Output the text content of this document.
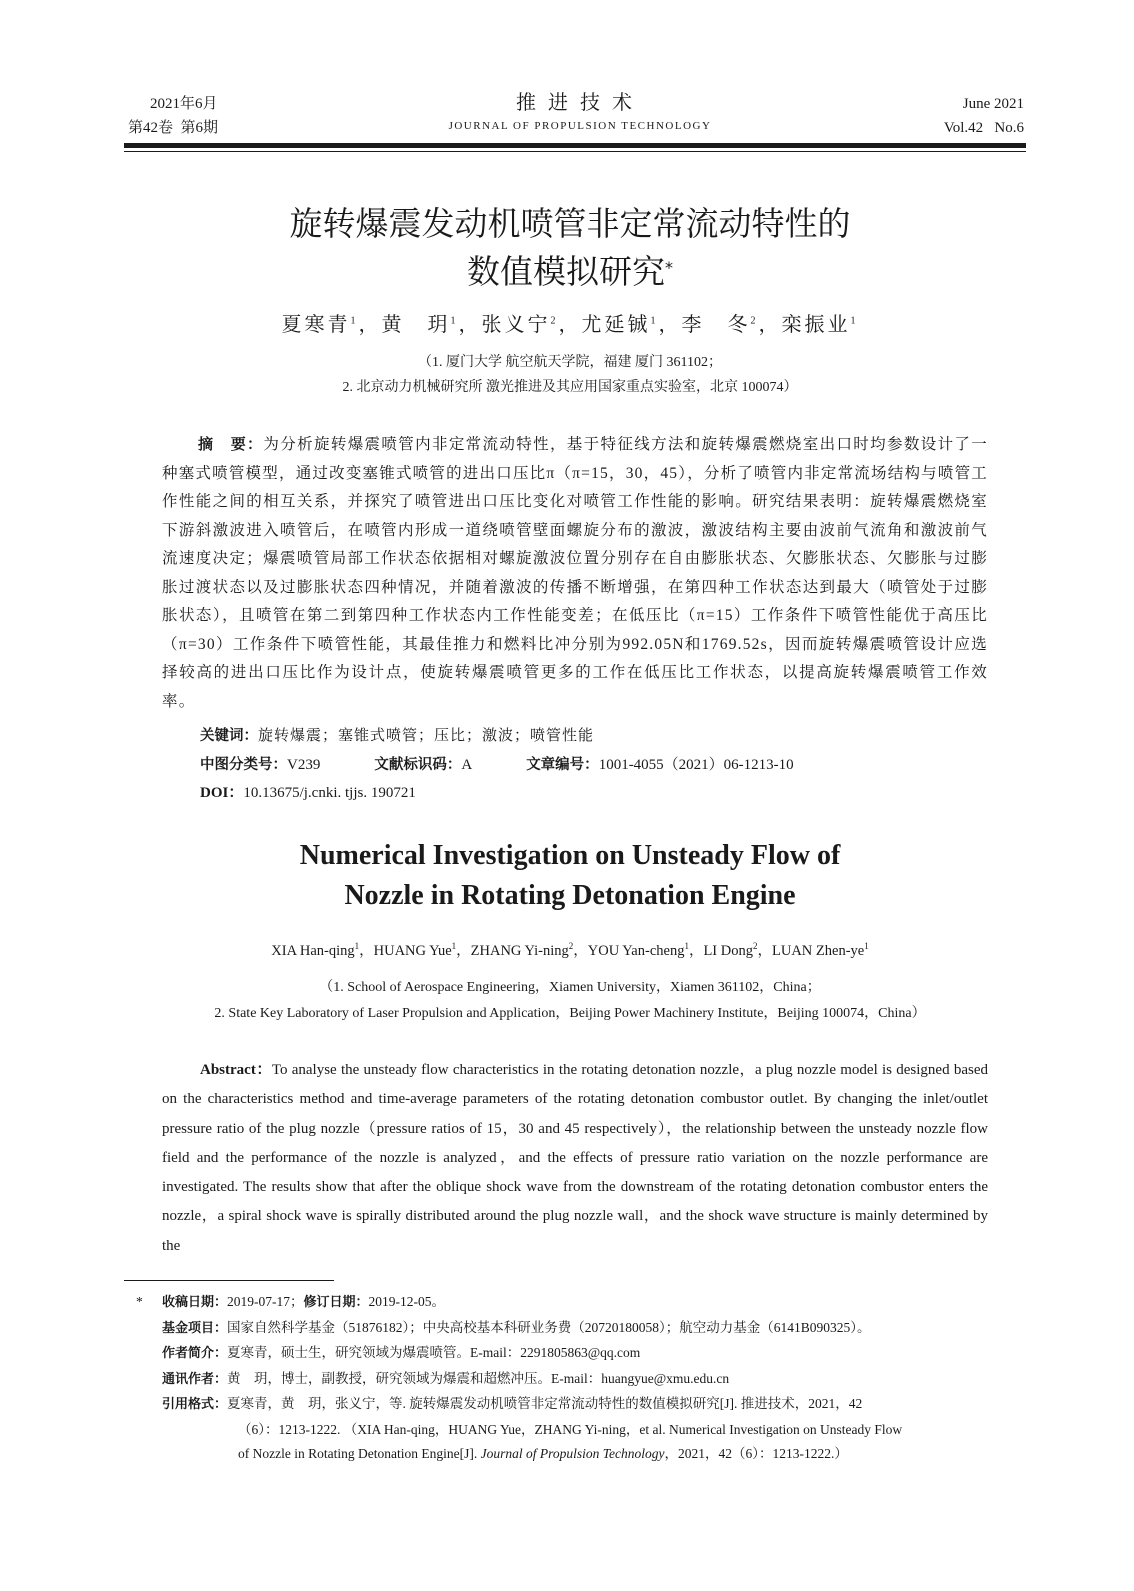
2021年6月
第42卷  第6期
推进技术
JOURNAL OF PROPULSION TECHNOLOGY
June 2021
Vol.42   No.6
旋转爆震发动机喷管非定常流动特性的
数值模拟研究*
夏寒青$^1$，黄　玥$^1$，张义宁$^2$，尤延铖$^1$，李　冬$^2$，栾振业$^1$
（1. 厦门大学 航空航天学院，福建 厦门 361102；
2. 北京动力机械研究所 激光推进及其应用国家重点实验室，北京 100074）
摘　要：为分析旋转爆震喷管内非定常流动特性，基于特征线方法和旋转爆震燃烧室出口时均参数设计了一种塞式喷管模型，通过改变塞锥式喷管的进出口压比π（π=15，30，45），分析了喷管内非定常流场结构与喷管工作性能之间的相互关系，并探究了喷管进出口压比变化对喷管工作性能的影响。研究结果表明：旋转爆震燃烧室下游斜激波进入喷管后，在喷管内形成一道绕喷管壁面螺旋分布的激波，激波结构主要由波前气流角和激波前气流速度决定；爆震喷管局部工作状态依据相对螺旋激波位置分别存在自由膨胀状态、欠膨胀状态、欠膨胀与过膨胀过渡状态以及过膨胀状态四种情况，并随着激波的传播不断增强，在第四种工作状态达到最大（喷管处于过膨胀状态），且喷管在第二到第四种工作状态内工作性能变差；在低压比（π=15）工作条件下喷管性能优于高压比（π=30）工作条件下喷管性能，其最佳推力和燃料比冲分别为992.05N和1769.52s，因而旋转爆震喷管设计应选择较高的进出口压比作为设计点，使旋转爆震喷管更多的工作在低压比工作状态，以提高旋转爆震喷管工作效率。
关键词：旋转爆震；塞锥式喷管；压比；激波；喷管性能
中图分类号：V239	文献标识码：A	文章编号：1001-4055（2021）06-1213-10
DOI：10.13675/j.cnki. tjjs. 190721
Numerical Investigation on Unsteady Flow of
Nozzle in Rotating Detonation Engine
XIA Han-qing$^1$，HUANG Yue$^1$，ZHANG Yi-ning$^2$，YOU Yan-cheng$^1$，LI Dong$^2$，LUAN Zhen-$ye^1$
（1. School of Aerospace Engineering，Xiamen University，Xiamen 361102，China；
2. State Key Laboratory of Laser Propulsion and Application，Beijing Power Machinery Institute，Beijing 100074，China）
Abstract：To analyse the unsteady flow characteristics in the rotating detonation nozzle，a plug nozzle model is designed based on the characteristics method and time-average parameters of the rotating detonation combustor outlet. By changing the inlet/outlet pressure ratio of the plug nozzle（pressure ratios of 15，30 and 45 respectively），the relationship between the unsteady nozzle flow field and the performance of the nozzle is analyzed，and the effects of pressure ratio variation on the nozzle performance are investigated. The results show that after the oblique shock wave from the downstream of the rotating detonation combustor enters the nozzle，a spiral shock wave is spirally distributed around the plug nozzle wall，and the shock wave structure is mainly determined by the
* 收稿日期：2019-07-17；修订日期：2019-12-05。
基金项目：国家自然科学基金（51876182）；中央高校基本科研业务费（20720180058）；航空动力基金（6141B090325）。
作者简介：夏寒青，硕士生，研究领域为爆震喷管。E-mail：2291805863@qq.com
通讯作者：黄　玥，博士，副教授，研究领域为爆震和超燃冲压。E-mail：huangyue@xmu.edu.cn
引用格式：夏寒青，黄　玥，张义宁，等. 旋转爆震发动机喷管非定常流动特性的数值模拟研究[J]. 推进技术，2021，42
（6）：1213-1222. （XIA Han-qing，HUANG Yue，ZHANG Yi-ning，et al. Numerical Investigation on Unsteady Flow
of Nozzle in Rotating Detonation Engine[J]. Journal of Propulsion Technology，2021，42（6）：1213-1222.）
